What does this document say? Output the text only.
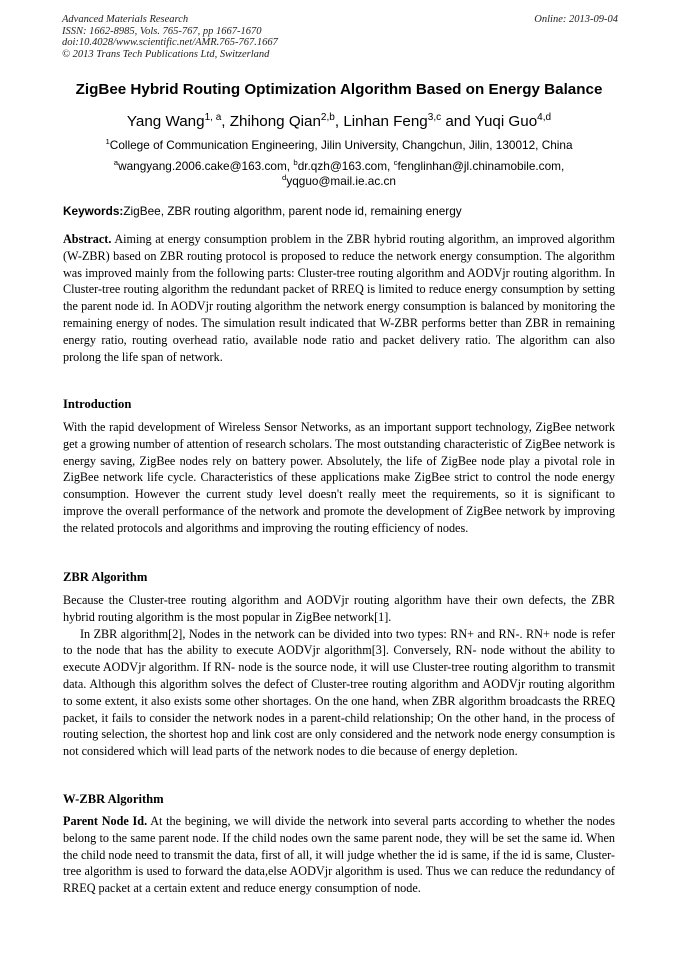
Advanced Materials Research
ISSN: 1662-8985, Vols. 765-767, pp 1667-1670
doi:10.4028/www.scientific.net/AMR.765-767.1667
© 2013 Trans Tech Publications Ltd, Switzerland
Online: 2013-09-04
ZigBee Hybrid Routing Optimization Algorithm Based on Energy Balance
Yang Wang$^{1, a}$, Zhihong Qian$^{2,b}$, Linhan Feng$^{3,c}$ and Yuqi Guo$^{4,d}$
$^1$College of Communication Engineering, Jilin University, Changchun, Jilin, 130012, China
$^a$wangyang.2006.cake@163.com, $^b$dr.qzh@163.com, $^c$fenglinhan@jl.chinamobile.com,
$^d$yqguo@mail.ie.ac.cn
Keywords:ZigBee, ZBR routing algorithm, parent node id, remaining energy

Abstract. Aiming at energy consumption problem in the ZBR hybrid routing algorithm, an improved algorithm (W-ZBR) based on ZBR routing protocol is proposed to reduce the network energy consumption. The algorithm was improved mainly from the following parts: Cluster-tree routing algorithm and AODVjr routing algorithm. In Cluster-tree routing algorithm the redundant packet of RREQ is limited to reduce energy consumption by setting the parent node id. In AODVjr routing algorithm the network energy consumption is balanced by monitoring the remaining energy of nodes. The simulation result indicated that W-ZBR performs better than ZBR in remaining energy ratio, routing overhead ratio, available node ratio and packet delivery ratio. The algorithm can also prolong the life span of network.

Introduction

With the rapid development of Wireless Sensor Networks, as an important support technology, ZigBee network get a growing number of attention of research scholars. The most outstanding characteristic of ZigBee network is energy saving, ZigBee nodes rely on battery power. Absolutely, the life of ZigBee node play a pivotal role in ZigBee network life cycle. Characteristics of these applications make ZigBee strict to control the node energy consumption. However the current study level doesn't really meet the requirements, so it is significant to improve the overall performance of the network and promote the development of ZigBee network by improving the related protocols and algorithms and improving the routing efficiency of nodes.

ZBR Algorithm

Because the Cluster-tree routing algorithm and AODVjr routing algorithm have their own defects, the ZBR hybrid routing algorithm is the most popular in ZigBee network[1].

In ZBR algorithm[2], Nodes in the network can be divided into two types: RN+ and RN-. RN+ node is refer to the node that has the ability to execute AODVjr algorithm[3]. Conversely, RN- node without the ability to execute AODVjr algorithm. If RN- node is the source node, it will use Cluster-tree routing algorithm to transmit data. Although this algorithm solves the defect of Cluster-tree routing algorithm and AODVjr routing algorithm to some extent, it also exists some other shortages. On the one hand, when ZBR algorithm broadcasts the RREQ packet, it fails to consider the network nodes in a parent-child relationship; On the other hand, in the process of routing selection, the shortest hop and link cost are only considered and the network node energy consumption is not considered which will lead parts of the network nodes to die because of energy depletion.

W-ZBR Algorithm

Parent Node Id. At the begining, we will divide the network into several parts according to whether the nodes belong to the same parent node. If the child nodes own the same parent node, they will be set the same id. When the child node need to transmit the data, first of all, it will judge whether the id is same, if the id is same, Cluster-tree algorithm is used to forward the data,else AODVjr algorithm is used. Thus we can reduce the redundancy of RREQ packet at a certain extent and reduce energy consumption of node.
